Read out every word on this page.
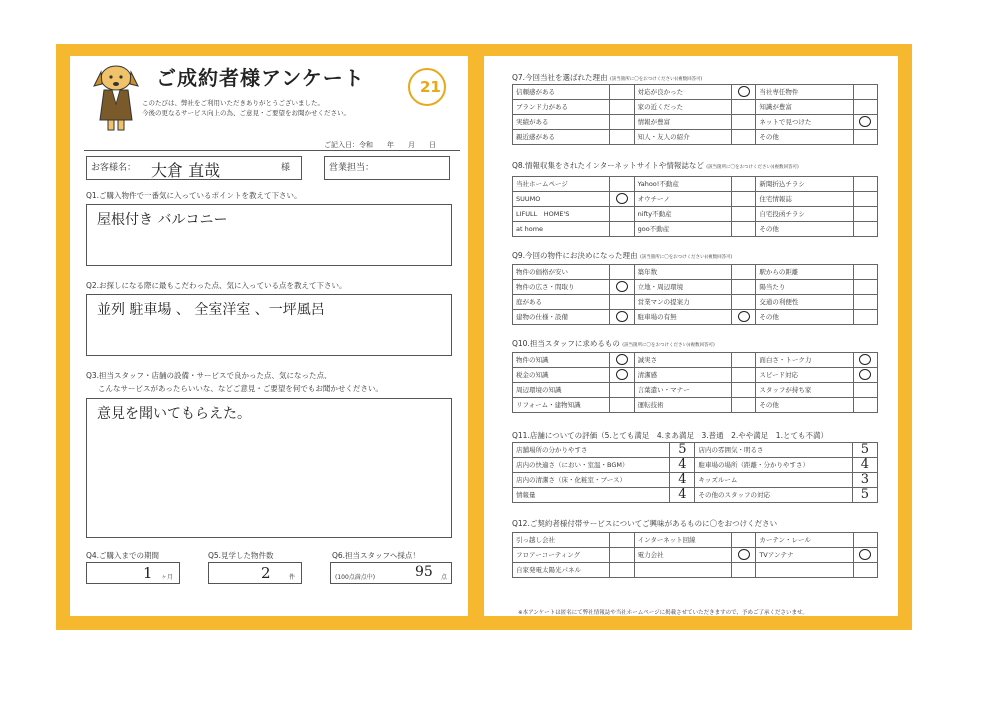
ご成約者様アンケート
このたびは、弊社をご利用いただきありがとうございました。
今後の更なるサービス向上の為、ご意見・ご要望をお聞かせください。
21
ご記入日：令和　　年　　月　　日
お客様名： 大倉 直哉	様	営業担当：
Q1.ご購入物件で一番気に入っているポイントを教えて下さい。
屋根付き バルコニー
Q2.お探しになる際に最もこだわった点、気に入っている点を教えて下さい。
並列 駐車場 、 全室洋室 、一坪風呂
Q3.担当スタッフ・店舗の設備・サービスで良かった点、気になった点、
こんなサービスがあったらいいな、などご意見・ご要望を何でもお聞かせください。
意見を聞いてもらえた。
Q4.ご購入までの期間
1 ヶ月
Q5.見学した物件数
2	件
Q6.担当スタッフへ採点！
(100点満点中)	95 点
Q7.今回当社を選ばれた理由 (該当箇所に〇をおつけください)(複数回答可)
信頼感がある		対応が良かった		当社専任物件	
ブランド力がある		家の近くだった		知識が豊富	
実績がある		情報が豊富		ネットで見つけた	
親近感がある		知人・友人の紹介		その他	
Q8.情報収集をされたインターネットサイトや情報誌など (該当箇所に〇をおつけください)(複数回答可)
当社ホームページ		Yahoo!不動産		新聞折込チラシ	
SUUMO		オウチーノ		住宅情報誌	
LIFULL　HOME'S		nifty不動産		自宅投函チラシ	
at home		goo不動産		その他	
Q9.今回の物件にお決めになった理由 (該当箇所に〇をおつけください)(複数回答可)
物件の価格が安い		築年数		駅からの距離	
物件の広さ・間取り		立地・周辺環境		陽当たり	
庭がある		営業マンの提案力		交通の利便性	
建物の仕様・設備		駐車場の有無		その他	
Q10.担当スタッフに求めるもの (該当箇所に〇をおつけください)(複数回答可)
物件の知識		誠実さ		面白さ・トーク力	
税金の知識		清潔感		スピード対応	
周辺環境の知識		言葉遣い・マナー		スタッフが持ち家	
リフォーム・建物知識		運転技術		その他	
Q11.店舗についての評価（5.とても満足　4.まあ満足　3.普通　2.やや満足　1.とても不満）
店舗場所の分かりやすさ	5	店内の雰囲気・明るさ	5
店内の快適さ（におい・室温・BGM）	4	駐車場の場所（距離・分かりやすさ）	4
店内の清潔さ（床・化粧室・ブース）	4	キッズルーム	3
情報量	4	その他のスタッフの対応	5
Q12.ご契約者様付帯サービスについてご興味があるものに〇をおつけください
引っ越し会社		インターネット回線		カーテン・レール	
フロアーコーティング		電力会社		TVアンテナ	
自家発電太陽光パネル					
※本アンケートは匿名にて弊社情報誌や当社ホームページに掲載させていただきますので、予めご了承くださいませ。
